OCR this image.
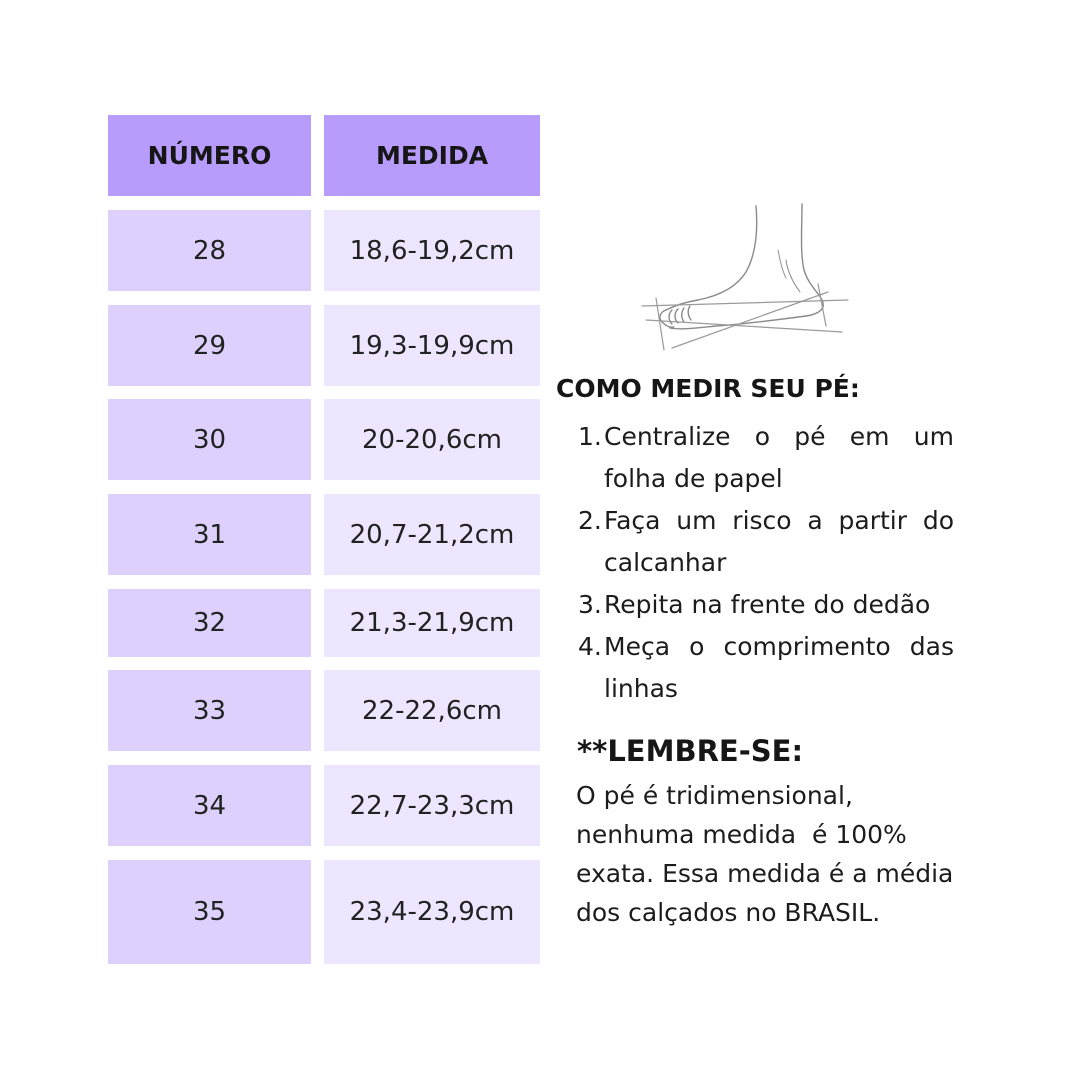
NÚMERO	MEDIDA
28	18,6-19,2cm
29	19,3-19,9cm
30	20-20,6cm
31	20,7-21,2cm
32	21,3-21,9cm
33	22-22,6cm
34	22,7-23,3cm
35	23,4-23,9cm
COMO MEDIR SEU PÉ:
1. Centralize o pé em um folha de papel
2. Faça um risco a partir do calcanhar
3. Repita na frente do dedão
4. Meça o comprimento das linhas
**LEMBRE-SE:

O pé é tridimensional,
nenhuma medida  é 100%
exata. Essa medida é a média
dos calçados no BRASIL.
